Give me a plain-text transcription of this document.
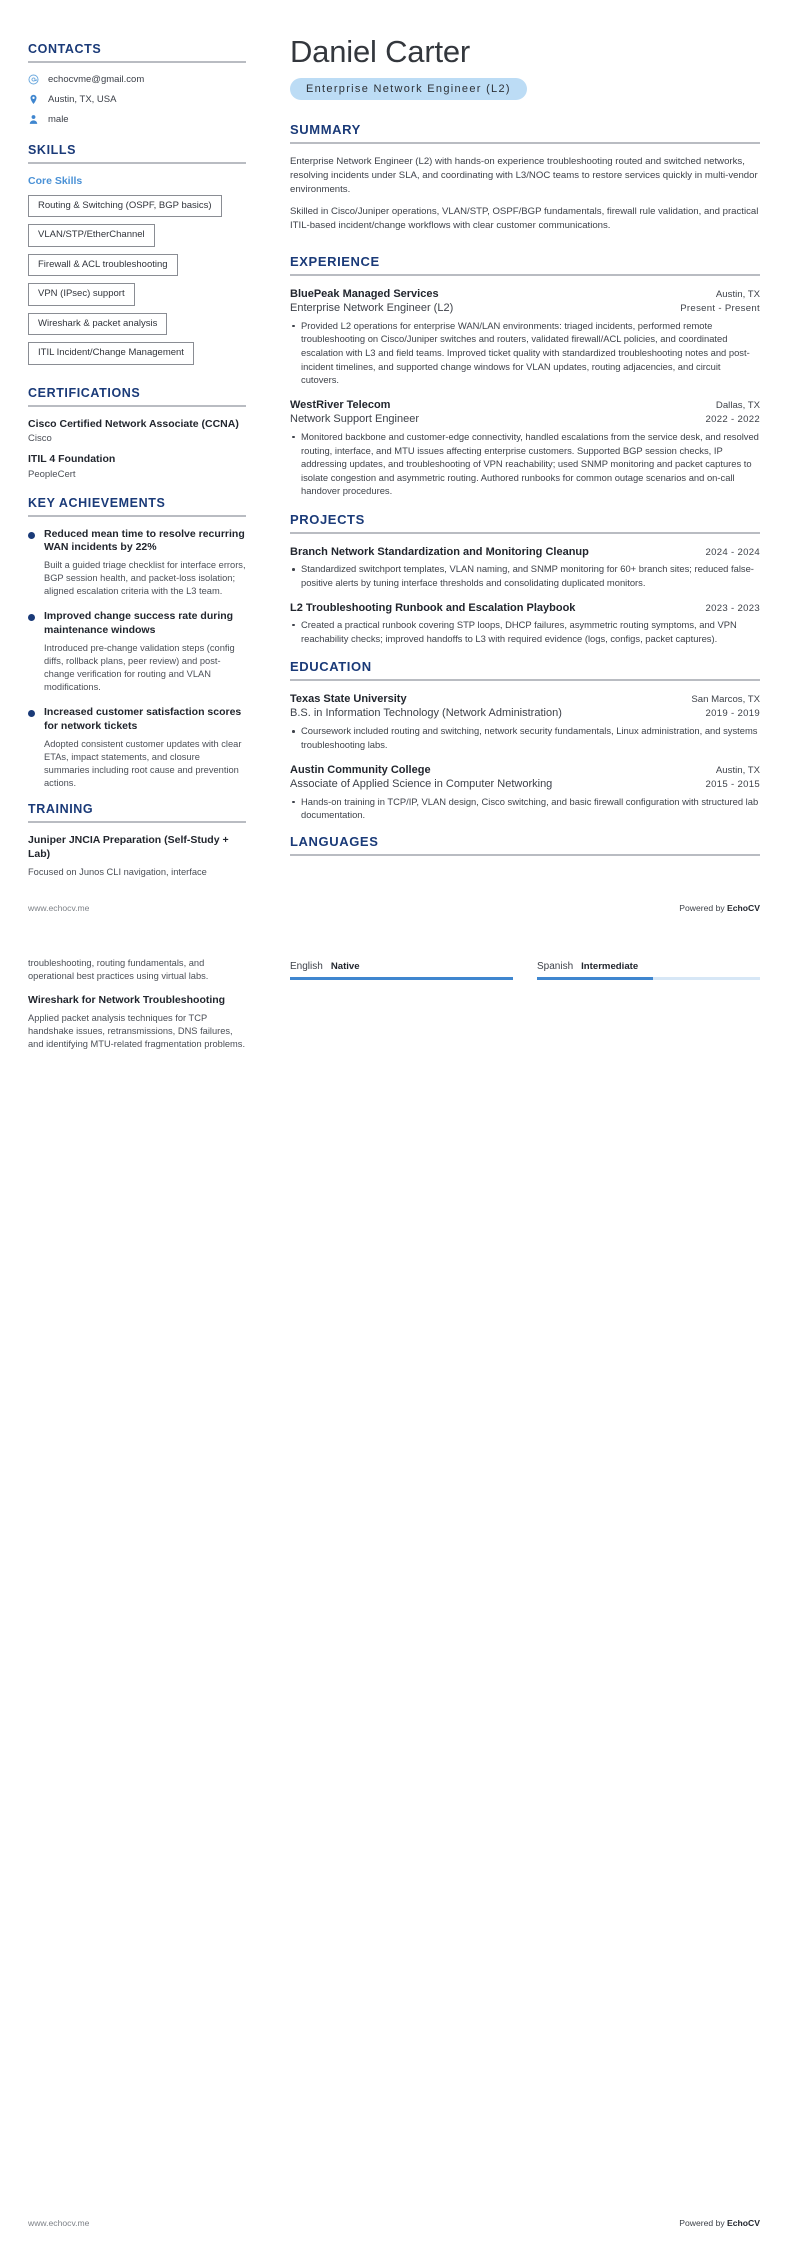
CONTACTS
echocvme@gmail.com
Austin, TX, USA
male
SKILLS
Core Skills
Routing & Switching (OSPF, BGP basics)
VLAN/STP/EtherChannel
Firewall & ACL troubleshooting
VPN (IPsec) support
Wireshark & packet analysis
ITIL Incident/Change Management
CERTIFICATIONS
Cisco Certified Network Associate (CCNA)
Cisco
ITIL 4 Foundation
PeopleCert
KEY ACHIEVEMENTS
Reduced mean time to resolve recurring WAN incidents by 22%
Built a guided triage checklist for interface errors, BGP session health, and packet-loss isolation; aligned escalation criteria with the L3 team.
Improved change success rate during maintenance windows
Introduced pre-change validation steps (config diffs, rollback plans, peer review) and post-change verification for routing and VLAN modifications.
Increased customer satisfaction scores for network tickets
Adopted consistent customer updates with clear ETAs, impact statements, and closure summaries including root cause and prevention actions.
TRAINING
Juniper JNCIA Preparation (Self-Study + Lab)
Focused on Junos CLI navigation, interface
Daniel Carter
Enterprise Network Engineer (L2)
SUMMARY

Enterprise Network Engineer (L2) with hands-on experience troubleshooting routed and switched networks, resolving incidents under SLA, and coordinating with L3/NOC teams to restore services quickly in multi-vendor environments.

Skilled in Cisco/Juniper operations, VLAN/STP, OSPF/BGP fundamentals, firewall rule validation, and practical ITIL-based incident/change workflows with clear customer communications.

EXPERIENCE
BluePeak Managed Services	Austin, TX
Enterprise Network Engineer (L2)	Present - Present
Provided L2 operations for enterprise WAN/LAN environments: triaged incidents, performed remote troubleshooting on Cisco/Juniper switches and routers, validated firewall/ACL policies, and coordinated escalation with L3 and field teams. Improved ticket quality with standardized troubleshooting notes and post-incident timelines, and supported change windows for VLAN updates, routing adjacencies, and circuit cutovers.
WestRiver Telecom	Dallas, TX
Network Support Engineer	2022 - 2022
Monitored backbone and customer-edge connectivity, handled escalations from the service desk, and resolved routing, interface, and MTU issues affecting enterprise customers. Supported BGP session checks, IP addressing updates, and troubleshooting of VPN reachability; used SNMP monitoring and packet captures to isolate congestion and asymmetric routing. Authored runbooks for common outage scenarios and on-call handover procedures.
PROJECTS
Branch Network Standardization and Monitoring Cleanup	2024 - 2024
Standardized switchport templates, VLAN naming, and SNMP monitoring for 60+ branch sites; reduced false-positive alerts by tuning interface thresholds and consolidating duplicated monitors.
L2 Troubleshooting Runbook and Escalation Playbook	2023 - 2023
Created a practical runbook covering STP loops, DHCP failures, asymmetric routing symptoms, and VPN reachability checks; improved handoffs to L3 with required evidence (logs, configs, packet captures).
EDUCATION
Texas State University	San Marcos, TX
B.S. in Information Technology (Network Administration)	2019 - 2019
Coursework included routing and switching, network security fundamentals, Linux administration, and systems troubleshooting labs.
Austin Community College	Austin, TX
Associate of Applied Science in Computer Networking	2015 - 2015
Hands-on training in TCP/IP, VLAN design, Cisco switching, and basic firewall configuration with structured lab documentation.
LANGUAGES
www.echocv.me	Powered by EchoCV
troubleshooting, routing fundamentals, and operational best practices using virtual labs.
Wireshark for Network Troubleshooting
Applied packet analysis techniques for TCP handshake issues, retransmissions, DNS failures, and identifying MTU-related fragmentation problems.
English Native	Spanish Intermediate
www.echocv.me	Powered by EchoCV
